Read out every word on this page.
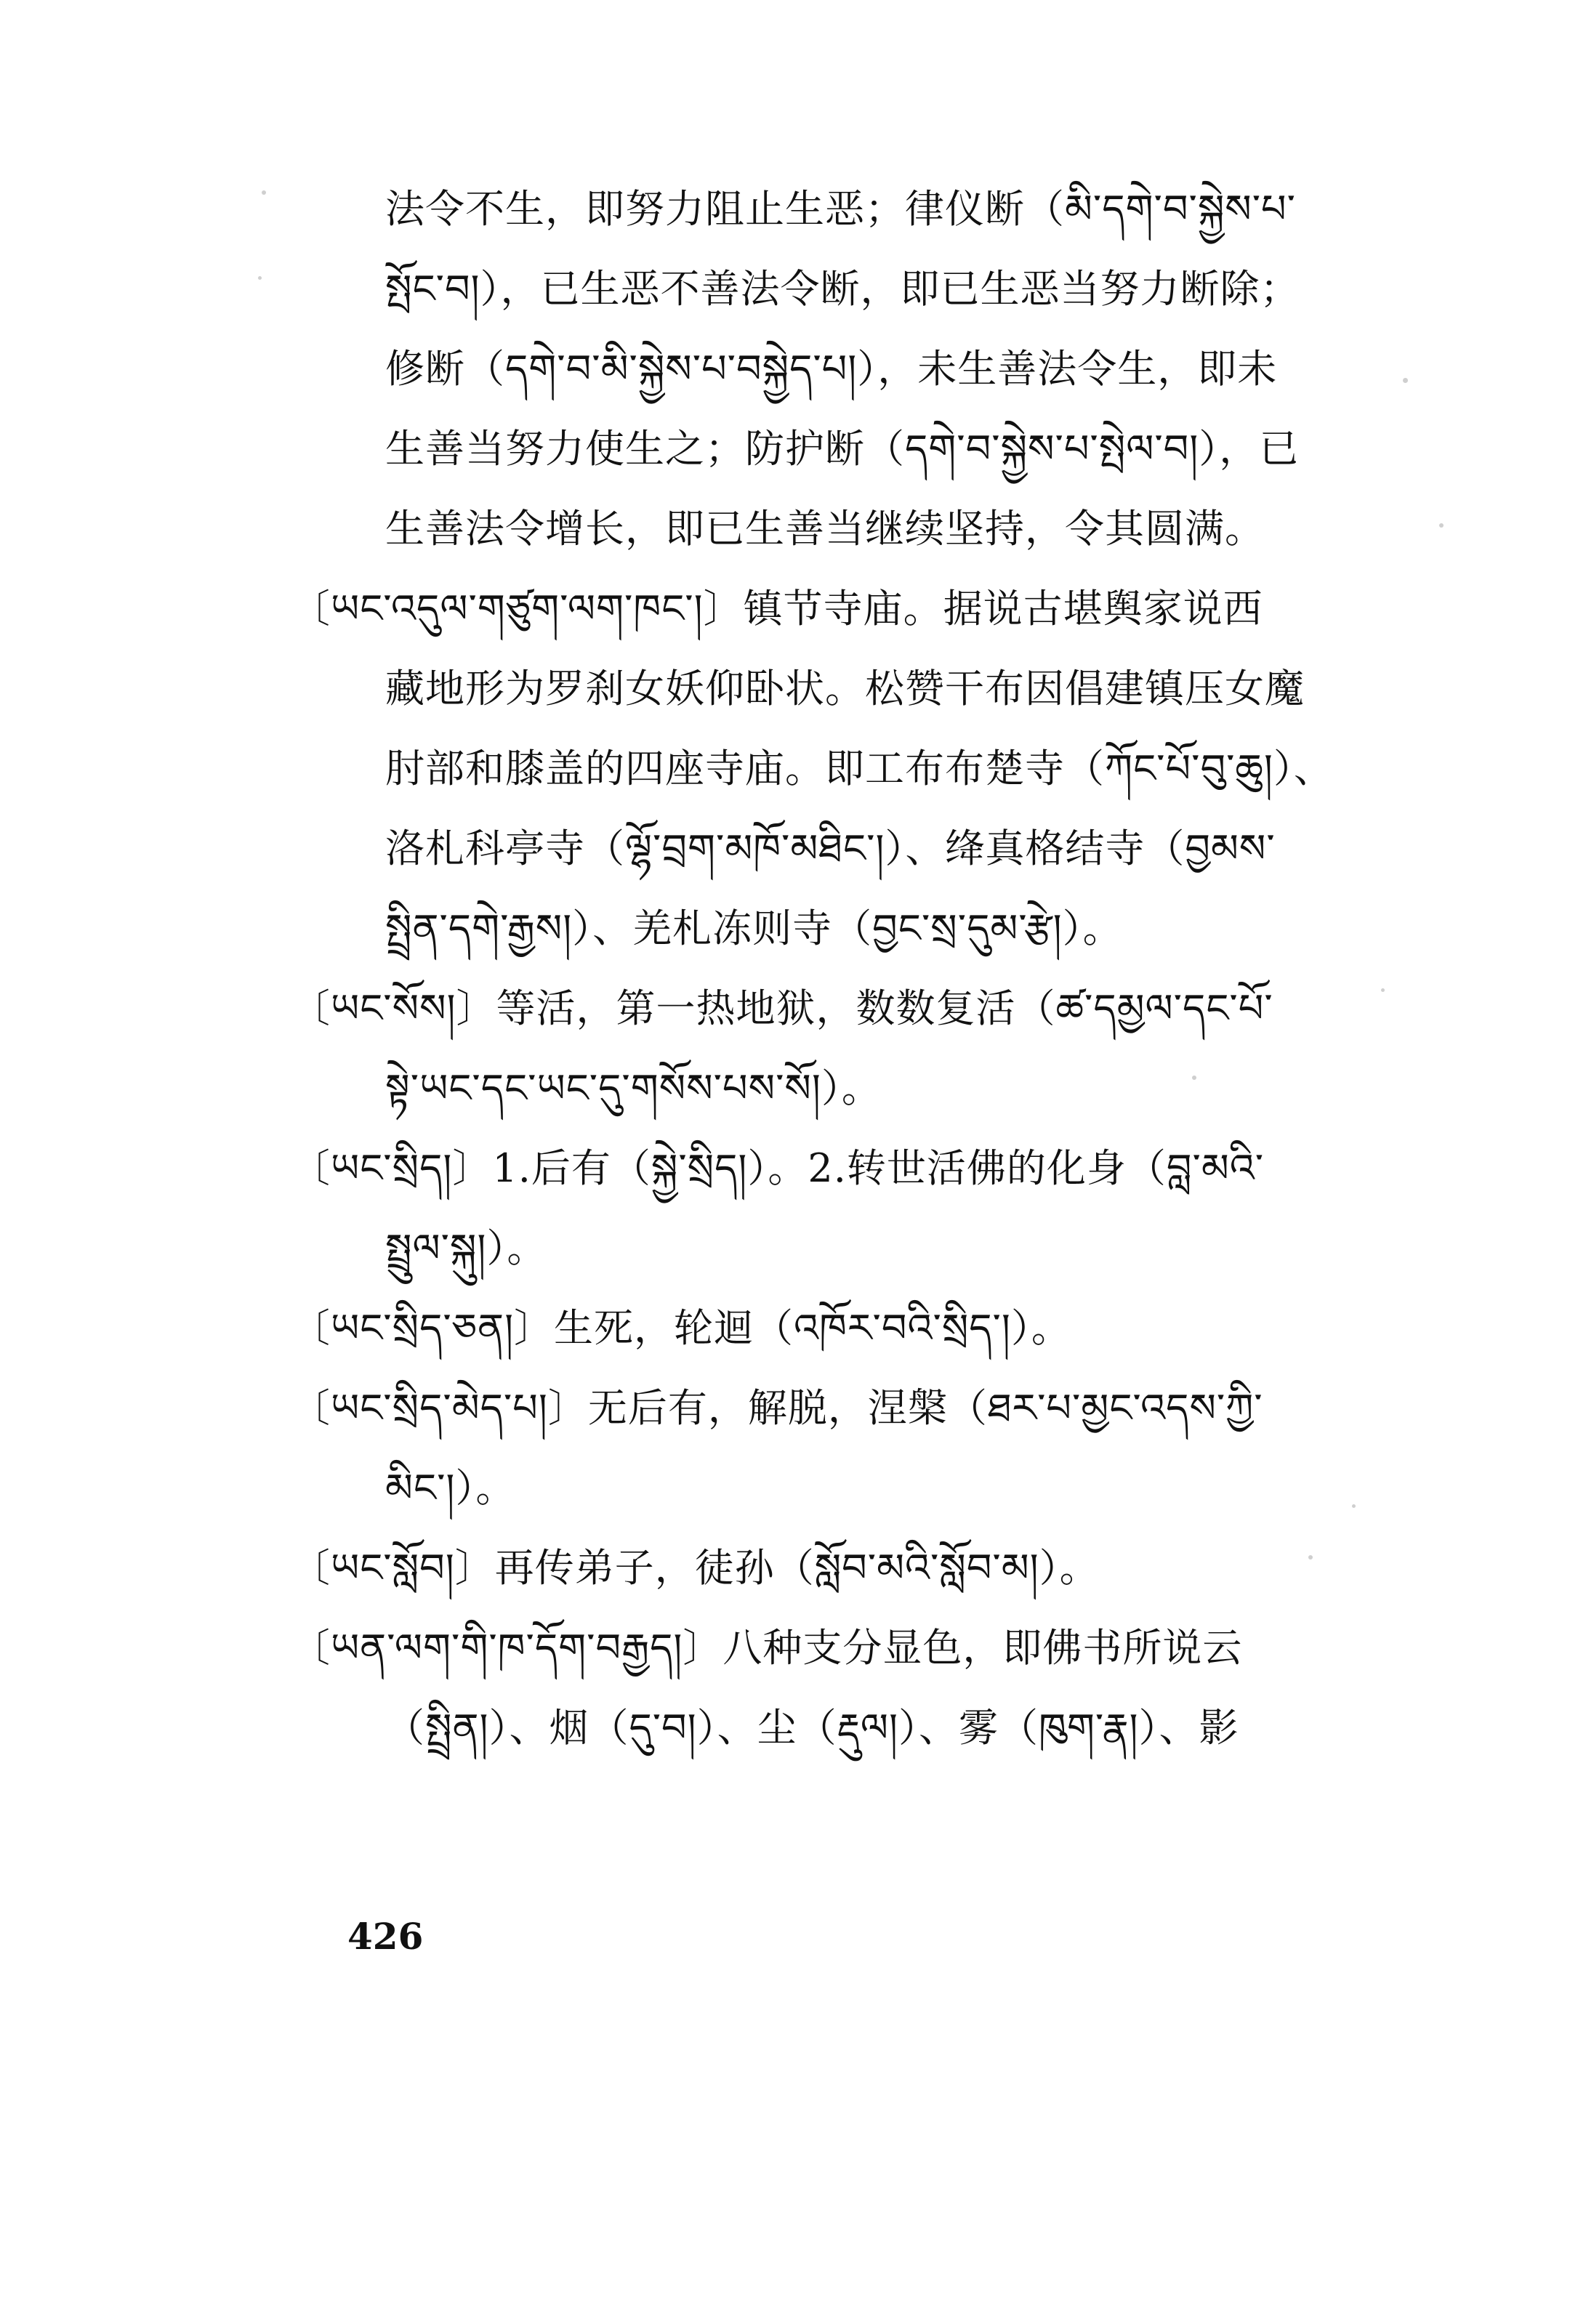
法令不生，即努力阻止生恶；律仪断（མི་དགེ་བ་སྐྱེས་པ་
སྤོང་བ།），已生恶不善法令断，即已生恶当努力断除；
修断（དགེ་བ་མི་སྐྱེས་པ་བསྐྱེད་པ།），未生善法令生，即未
生善当努力使生之；防护断（དགེ་བ་སྐྱེས་པ་སྤེལ་བ།），已
生善法令增长，即已生善当继续坚持，令其圆满。
〔ཡང་འདུལ་གཙུག་ལག་ཁང་།〕镇节寺庙。据说古堪舆家说西
藏地形为罗刹女妖仰卧状。松赞干布因倡建镇压女魔
肘部和膝盖的四座寺庙。即工布布楚寺（ཀོང་པོ་བུ་ཆུ།）、
洛札科亭寺（ལྷོ་བྲག་མཁོ་མཐིང་།）、绛真格结寺（བྱམས་
སྤྲིན་དགེ་རྒྱས།）、羌札冻则寺（བྱང་སྲ་དུམ་རྩེ།）。
〔ཡང་སོས།〕等活，第一热地狱，数数复活（ཚ་དམྱལ་དང་པོ་
སྟེ་ཡང་དང་ཡང་དུ་གསོས་པས་སོ།）。
〔ཡང་སྲིད།〕1.后有（སྐྱེ་སྲིད།）。2.转世活佛的化身（བླ་མའི་
སྤྲུལ་སྐུ།）。
〔ཡང་སྲིད་ཅན།〕生死，轮迴（འཁོར་བའི་སྲིད་།）。
〔ཡང་སྲིད་མེད་པ།〕无后有，解脱，涅槃（ཐར་པ་མྱང་འདས་ཀྱི་
མིང་།）。
〔ཡང་སློབ།〕再传弟子，徒孙（སློབ་མའི་སློབ་མ།）。
〔ཡན་ལག་གི་ཁ་དོག་བརྒྱད།〕八种支分显色，即佛书所说云
（སྤྲིན།）、烟（དུ་བ།）、尘（རྡུལ།）、雾（ཁུག་རྣ།）、影
426
